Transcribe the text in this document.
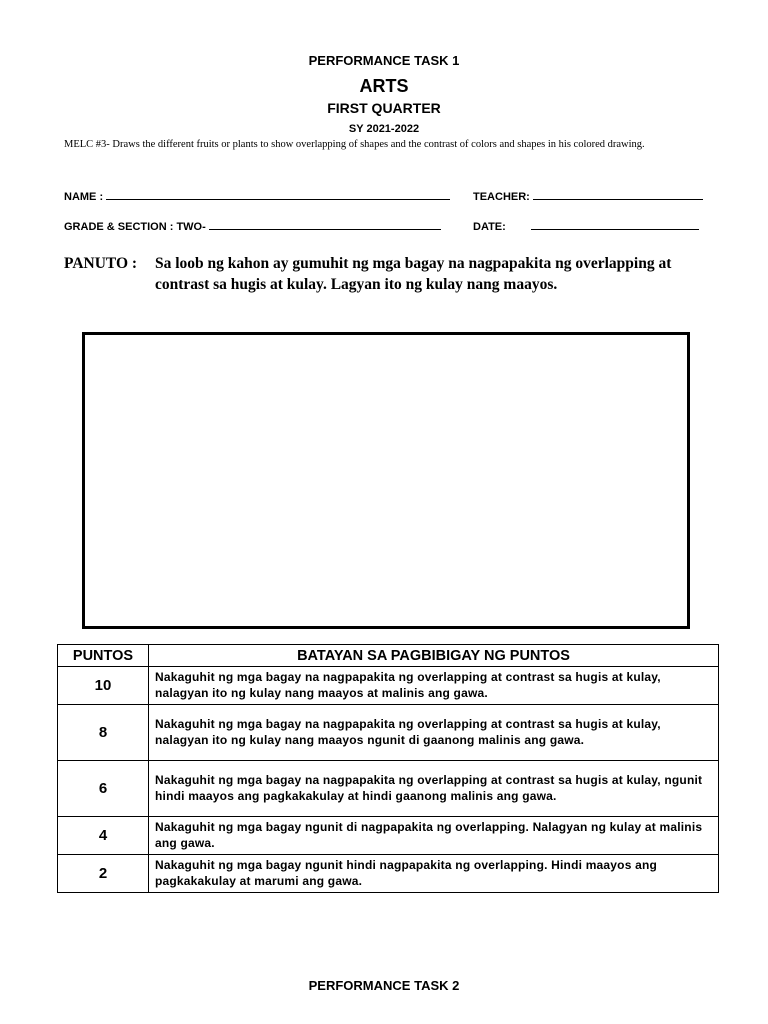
PERFORMANCE TASK 1
ARTS
FIRST QUARTER
SY 2021-2022
MELC #3- Draws the different fruits or plants to show overlapping of shapes and the contrast of colors and shapes in his colored drawing.
NAME :	TEACHER:
GRADE & SECTION : TWO-	DATE:
PANUTO : Sa loob ng kahon ay gumuhit ng mga bagay na nagpapakita ng overlapping at contrast sa hugis at kulay. Lagyan ito ng kulay nang maayos.
PUNTOS	BATAYAN SA PAGBIBIGAY NG PUNTOS
10	Nakaguhit ng mga bagay na nagpapakita ng overlapping at contrast sa hugis at kulay, nalagyan ito ng kulay nang maayos at malinis ang gawa.
8	Nakaguhit ng mga bagay na nagpapakita ng overlapping at contrast sa hugis at kulay, nalagyan ito ng kulay nang maayos ngunit di gaanong malinis ang gawa.
6	Nakaguhit ng mga bagay na nagpapakita ng overlapping at contrast sa hugis at kulay, ngunit hindi maayos ang pagkakakulay at hindi gaanong malinis ang gawa.
4	Nakaguhit ng mga bagay ngunit di nagpapakita ng overlapping. Nalagyan ng kulay at malinis ang gawa.
2	Nakaguhit ng mga bagay ngunit hindi nagpapakita ng overlapping. Hindi maayos ang pagkakakulay at marumi ang gawa.
PERFORMANCE TASK 2
